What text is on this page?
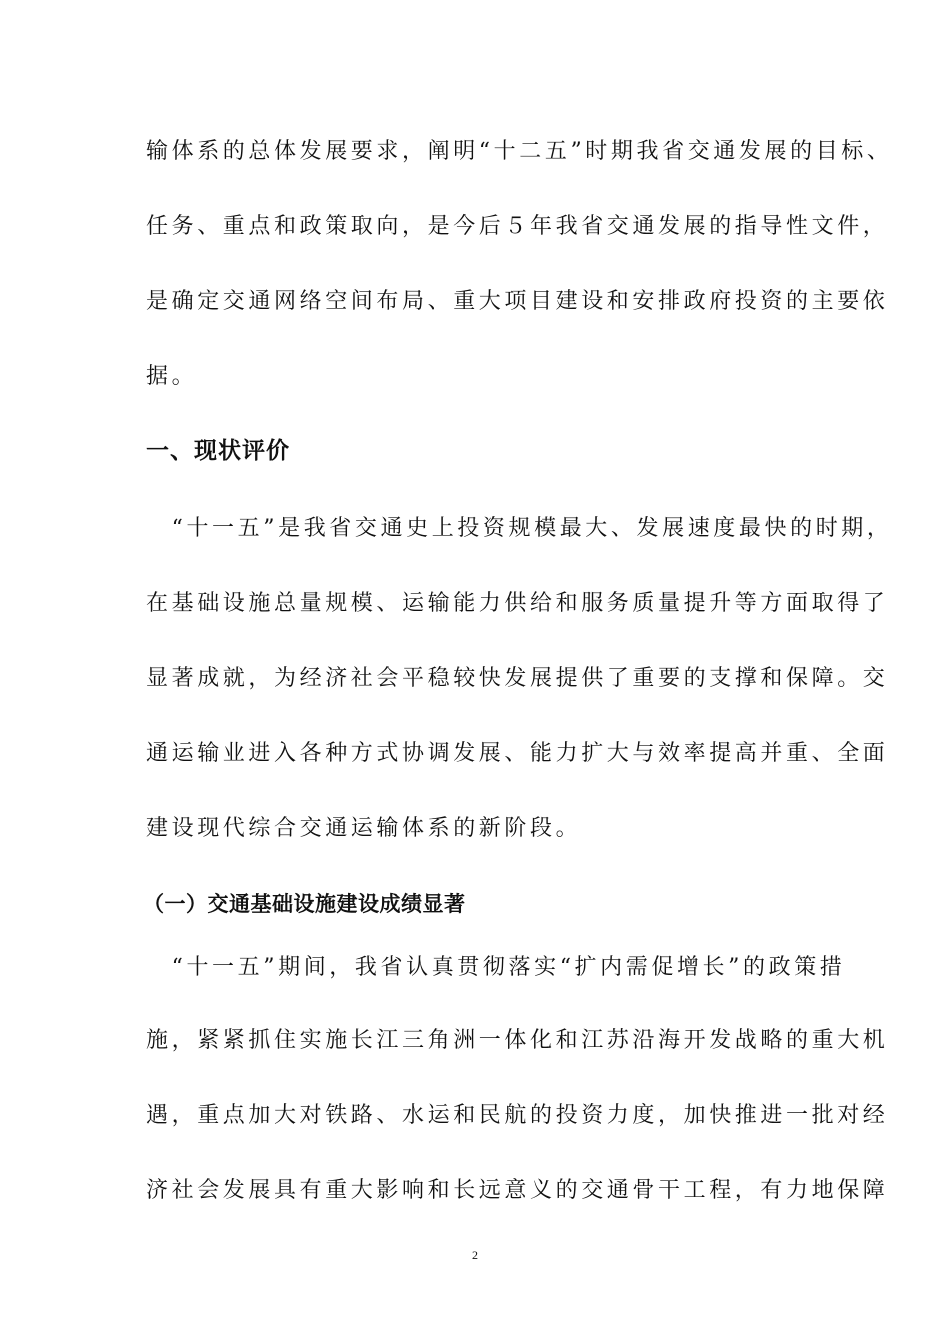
输体系的总体发展要求，阐明“十二五”时期我省交通发展的目标、
任务、重点和政策取向，是今后５年我省交通发展的指导性文件，
是确定交通网络空间布局、重大项目建设和安排政府投资的主要依
据。
一、现状评价
　“十一五”是我省交通史上投资规模最大、发展速度最快的时期，
在基础设施总量规模、运输能力供给和服务质量提升等方面取得了
显著成就，为经济社会平稳较快发展提供了重要的支撑和保障。交
通运输业进入各种方式协调发展、能力扩大与效率提高并重、全面
建设现代综合交通运输体系的新阶段。
（一）交通基础设施建设成绩显著
　“十一五”期间，我省认真贯彻落实“扩内需促增长”的政策措
施，紧紧抓住实施长江三角洲一体化和江苏沿海开发战略的重大机
遇，重点加大对铁路、水运和民航的投资力度，加快推进一批对经
济社会发展具有重大影响和长远意义的交通骨干工程，有力地保障
2
